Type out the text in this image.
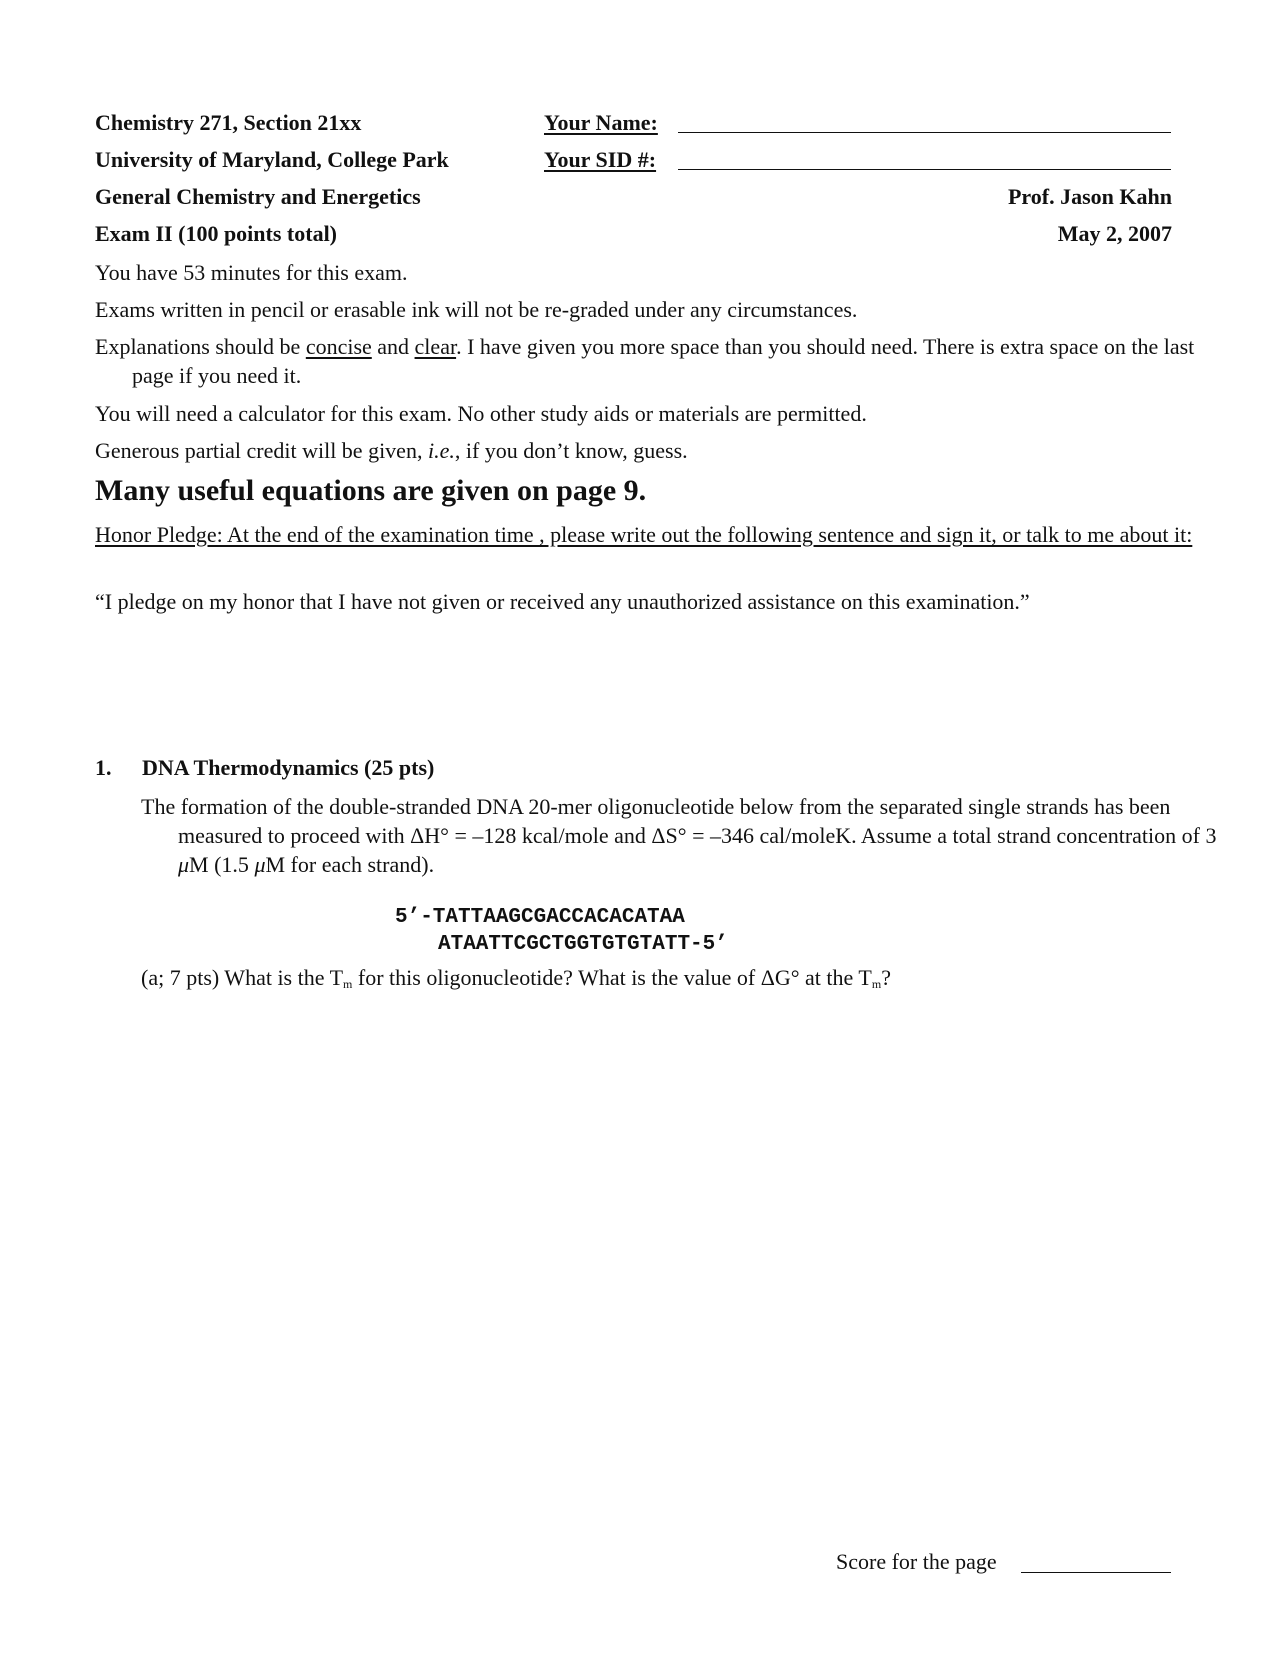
Chemistry 271, Section 21xx
University of Maryland, College Park
General Chemistry and Energetics
Exam II (100 points total)
Your Name:
Your SID #:
Prof. Jason Kahn
May 2, 2007
You have 53 minutes for this exam.
Exams written in pencil or erasable ink will not be re-graded under any circumstances.
Explanations should be concise and clear. I have given you more space than you should need. There is extra space on the last page if you need it.
You will need a calculator for this exam. No other study aids or materials are permitted.
Generous partial credit will be given, i.e., if you don’t know, guess.
Many useful equations are given on page 9.
Honor Pledge: At the end of the examination time , please write out the following sentence and sign it, or talk to me about it:
“I pledge on my honor that I have not given or received any unauthorized assistance on this examination.”
1. DNA Thermodynamics (25 pts)
The formation of the double-stranded DNA 20-mer oligonucleotide below from the separated single strands has been measured to proceed with ΔH° = –128 kcal/mole and ΔS° = –346 cal/moleK. Assume a total strand concentration of 3 μM (1.5 μM for each strand).
5’-TATTAAGCGACCACACATAA
ATAATTCGCTGGTGTGTATT-5’
(a; 7 pts) What is the $T_m$ for this oligonucleotide? What is the value of ΔG° at the $T_m$?
Score for the page
